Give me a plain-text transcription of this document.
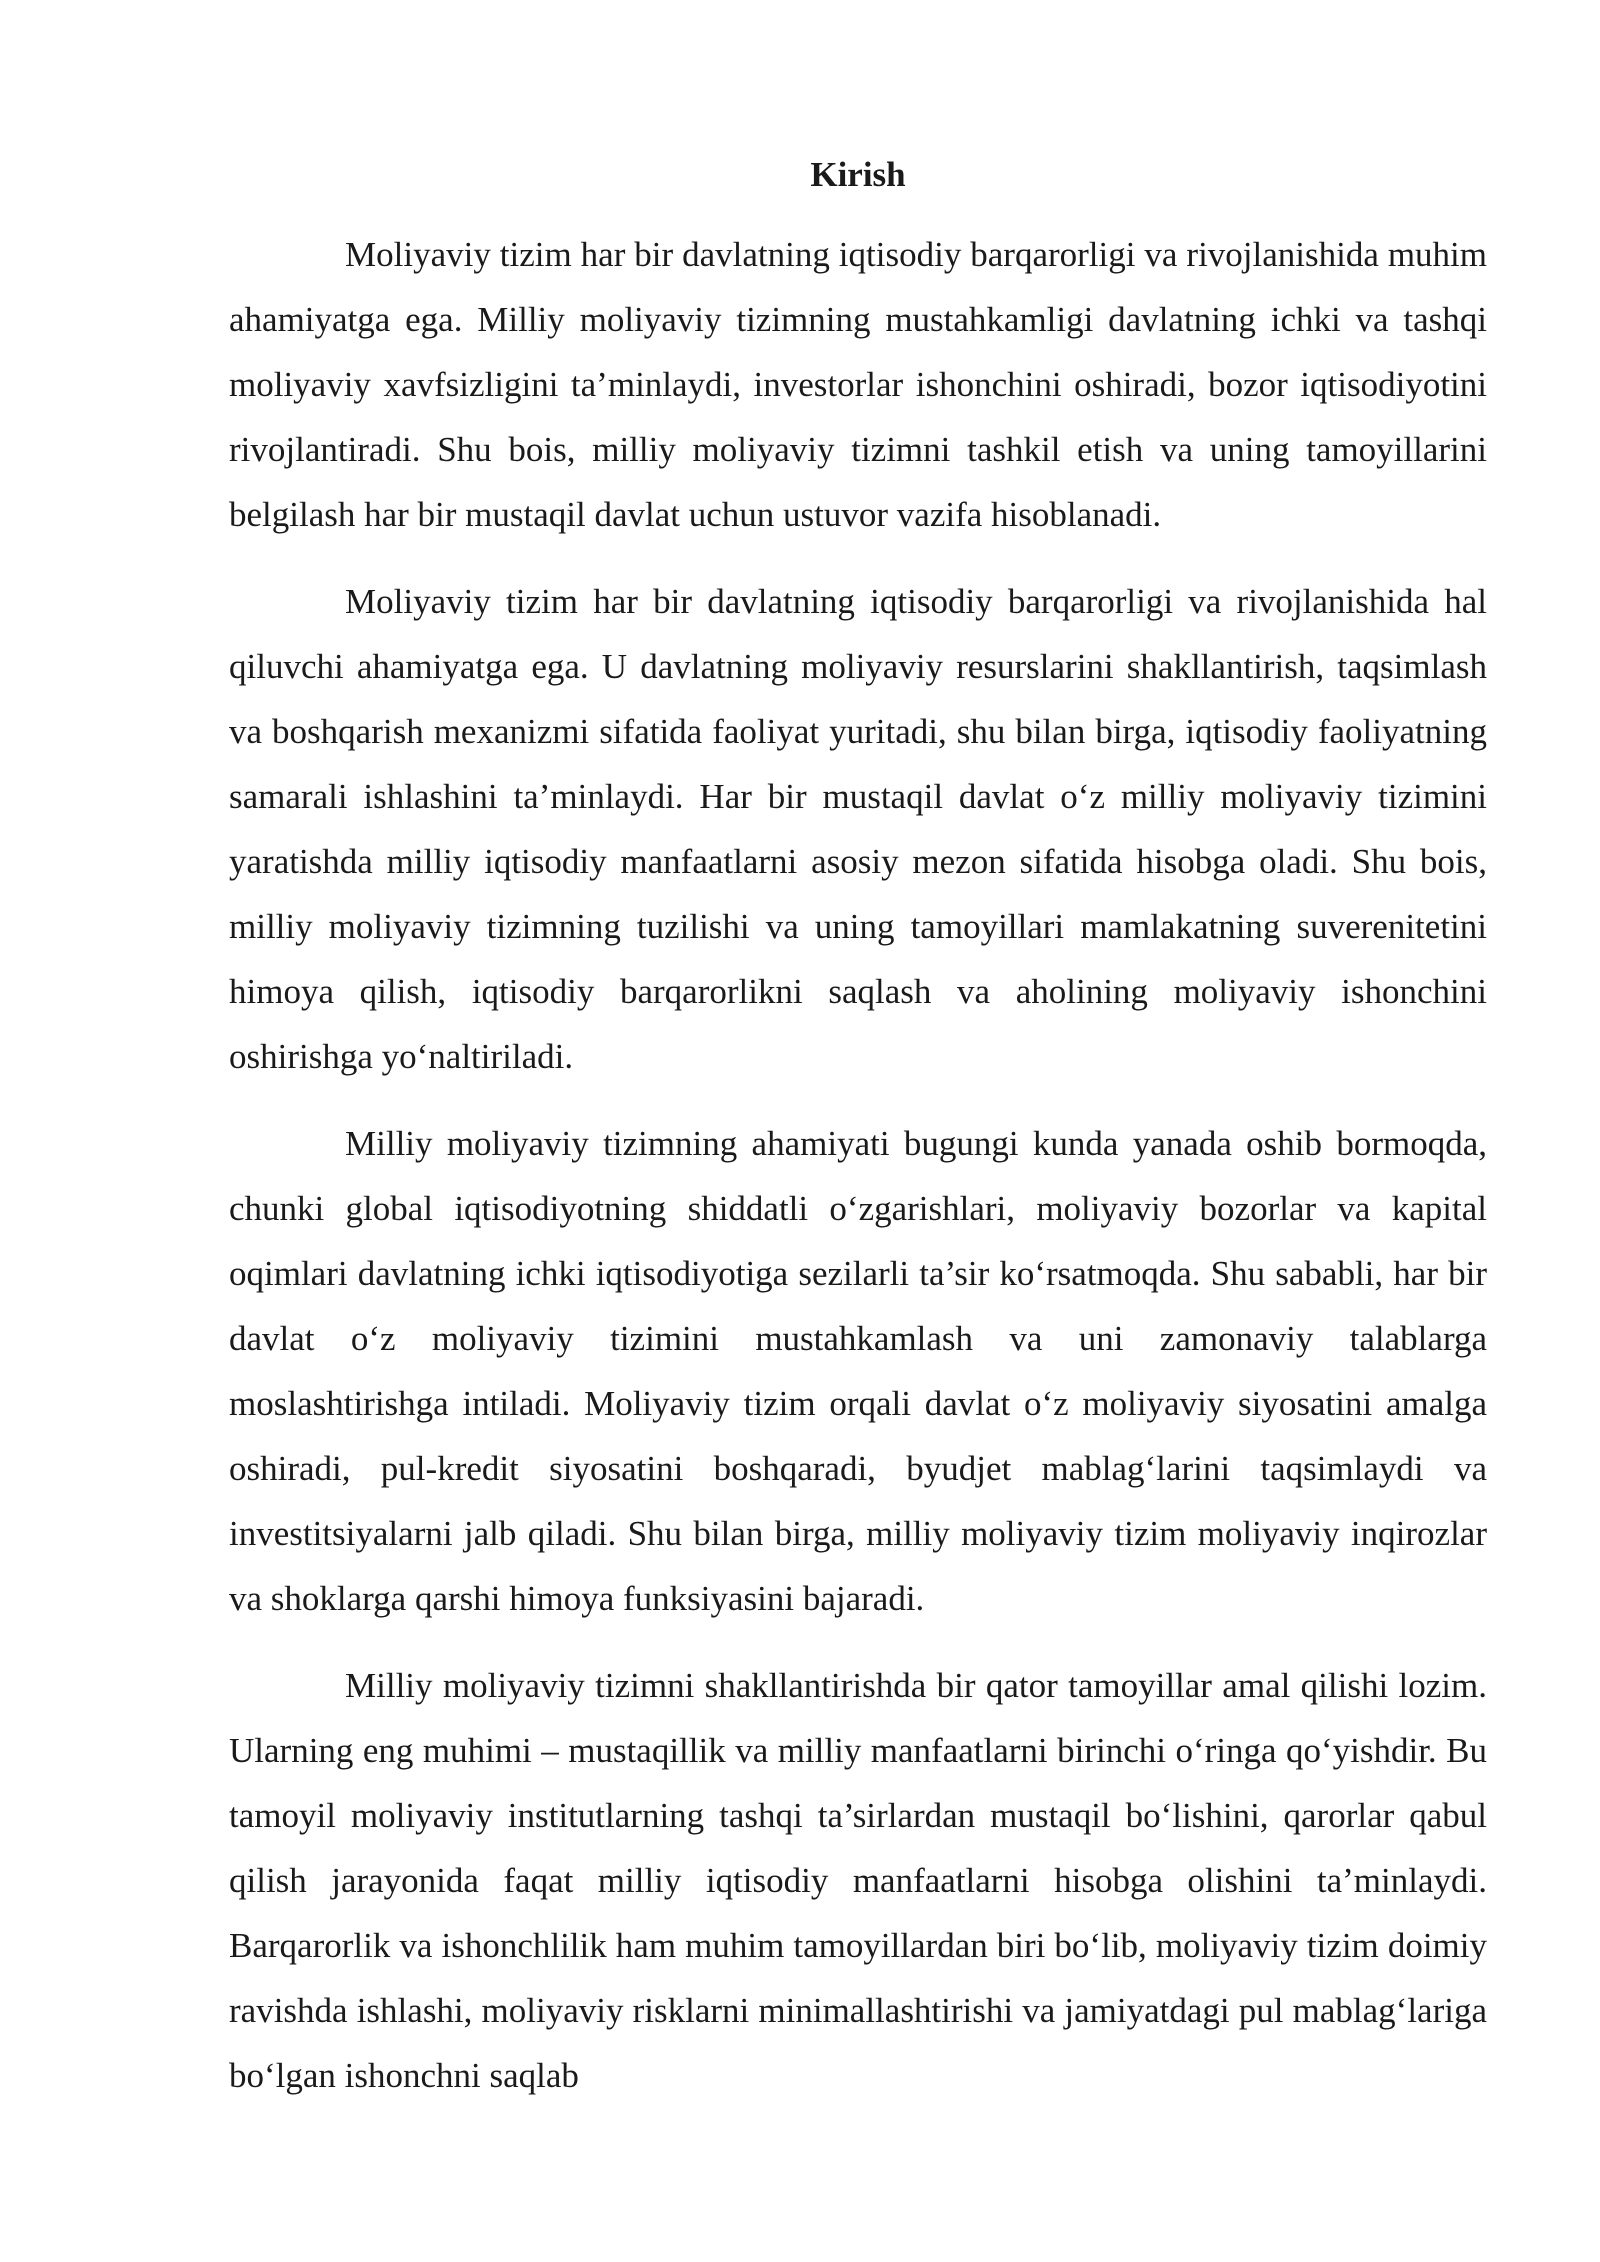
Kirish

Moliyaviy tizim har bir davlatning iqtisodiy barqarorligi va rivojlanishida muhim ahamiyatga ega. Milliy moliyaviy tizimning mustahkamligi davlatning ichki va tashqi moliyaviy xavfsizligini ta’minlaydi, investorlar ishonchini oshiradi, bozor iqtisodiyotini rivojlantiradi. Shu bois, milliy moliyaviy tizimni tashkil etish va uning tamoyillarini belgilash har bir mustaqil davlat uchun ustuvor vazifa hisoblanadi.

Moliyaviy tizim har bir davlatning iqtisodiy barqarorligi va rivojlanishida hal qiluvchi ahamiyatga ega. U davlatning moliyaviy resurslarini shakllantirish, taqsimlash va boshqarish mexanizmi sifatida faoliyat yuritadi, shu bilan birga, iqtisodiy faoliyatning samarali ishlashini ta’minlaydi. Har bir mustaqil davlat o‘z milliy moliyaviy tizimini yaratishda milliy iqtisodiy manfaatlarni asosiy mezon sifatida hisobga oladi. Shu bois, milliy moliyaviy tizimning tuzilishi va uning tamoyillari mamlakatning suverenitetini himoya qilish, iqtisodiy barqarorlikni saqlash va aholining moliyaviy ishonchini oshirishga yo‘naltiriladi.

Milliy moliyaviy tizimning ahamiyati bugungi kunda yanada oshib bormoqda, chunki global iqtisodiyotning shiddatli o‘zgarishlari, moliyaviy bozorlar va kapital oqimlari davlatning ichki iqtisodiyotiga sezilarli ta’sir ko‘rsatmoqda. Shu sababli, har bir davlat o‘z moliyaviy tizimini mustahkamlash va uni zamonaviy talablarga moslashtirishga intiladi. Moliyaviy tizim orqali davlat o‘z moliyaviy siyosatini amalga oshiradi, pul-kredit siyosatini boshqaradi, byudjet mablag‘larini taqsimlaydi va investitsiyalarni jalb qiladi. Shu bilan birga, milliy moliyaviy tizim moliyaviy inqirozlar va shoklarga qarshi himoya funksiyasini bajaradi.

Milliy moliyaviy tizimni shakllantirishda bir qator tamoyillar amal qilishi lozim. Ularning eng muhimi – mustaqillik va milliy manfaatlarni birinchi o‘ringa qo‘yishdir. Bu tamoyil moliyaviy institutlarning tashqi ta’sirlardan mustaqil bo‘lishini, qarorlar qabul qilish jarayonida faqat milliy iqtisodiy manfaatlarni hisobga olishini ta’minlaydi. Barqarorlik va ishonchlilik ham muhim tamoyillardan biri bo‘lib, moliyaviy tizim doimiy ravishda ishlashi, moliyaviy risklarni minimallashtirishi va jamiyatdagi pul mablag‘lariga bo‘lgan ishonchni saqlab
